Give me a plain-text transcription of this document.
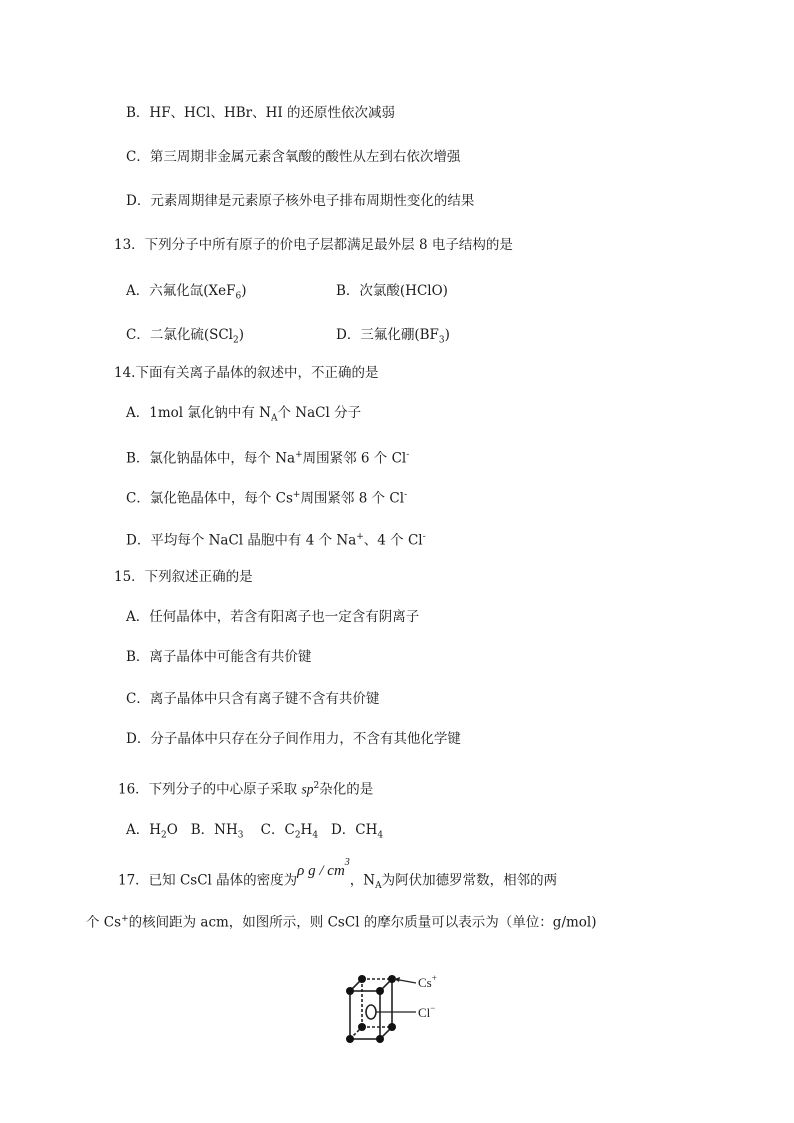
B．HF、HCl、HBr、HI 的还原性依次减弱
C．第三周期非金属元素含氧酸的酸性从左到右依次增强
D．元素周期律是元素原子核外电子排布周期性变化的结果
13．下列分子中所有原子的价电子层都满足最外层 8 电子结构的是
A．六氟化氙(XeF$_6$)	B．次氯酸(HClO)
C．二氯化硫(SCl$_2$)	D．三氟化硼$(BF_3)$
14.下面有关离子晶体的叙述中，不正确的是
A．1mol 氯化钠中有 $N_A$个 NaCl 分子
B．氯化钠晶体中，每个 Na+周围紧邻 6 个 Cl-
C．氯化铯晶体中，每个 Cs+周围紧邻 8 个 Cl-
D．平均每个 NaCl 晶胞中有 4 个 Na+、4 个 Cl-
15．下列叙述正确的是
A．任何晶体中，若含有阳离子也一定含有阴离子
B．离子晶体中可能含有共价键
C．离子晶体中只含有离子键不含有共价键
D．分子晶体中只存在分子间作用力，不含有其他化学键
16．下列分子的中心原子采取 $sp^2$杂化的是
A．$H_2O$ B．$NH_3$ C．$C_2H_4$ D．$CH_4$
17．已知 CsCl 晶体的密度为ρ g / $cm^3$，$N_A$为阿伏加德罗常数，相邻的两
个 Cs+的核间距为 acm，如图所示，则 CsCl 的摩尔质量可以表示为（单位：g/mol)
Cs+
Cl−
